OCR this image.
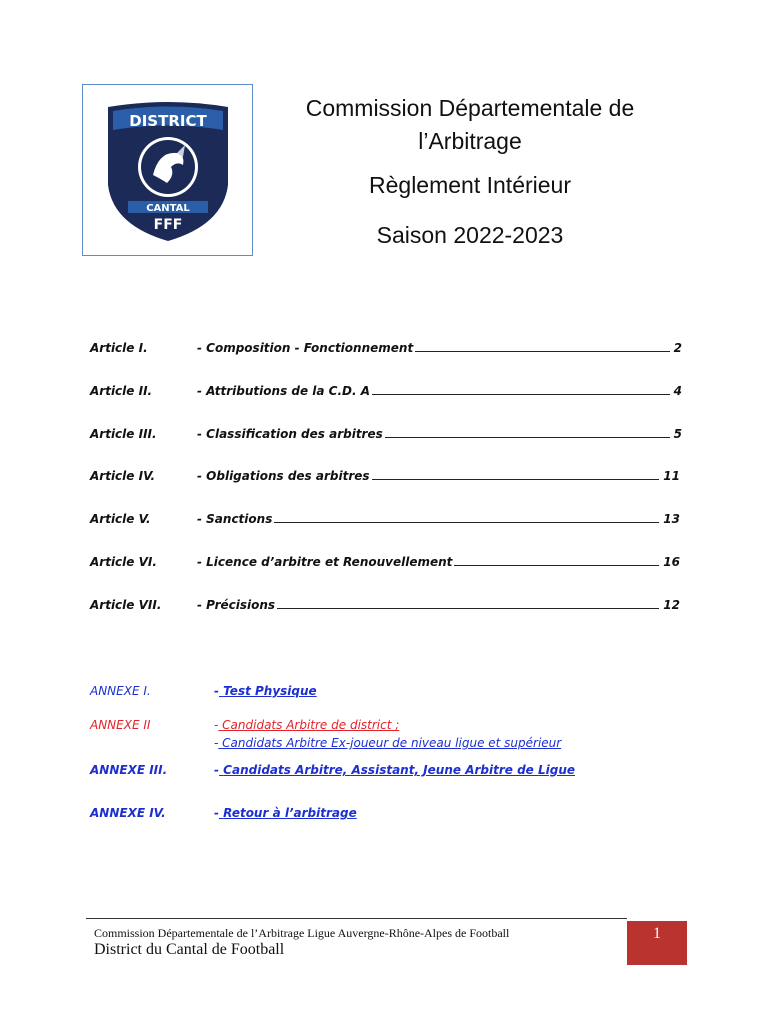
DISTRICT
CANTAL
FFF
Commission Départementale de
l’Arbitrage
Règlement Intérieur
Saison 2022-2023
Article I.	- Composition - Fonctionnement	2
Article II.	- Attributions de la C.D. A	4
Article III.	- Classification des arbitres	5
Article IV.	- Obligations des arbitres	11
Article V.	- Sanctions	13
Article VI.	- Licence d’arbitre et Renouvellement	16
Article VII.	- Précisions	12
ANNEXE I.	- Test Physique
ANNEXE II	- Candidats Arbitre de district ;
- Candidats Arbitre Ex-joueur de niveau ligue et supérieur
ANNEXE III.	- Candidats Arbitre, Assistant, Jeune Arbitre de Ligue
ANNEXE IV.	- Retour à l’arbitrage
Commission Départementale de l’Arbitrage Ligue Auvergne-Rhône-Alpes de Football
District du Cantal de Football
1
